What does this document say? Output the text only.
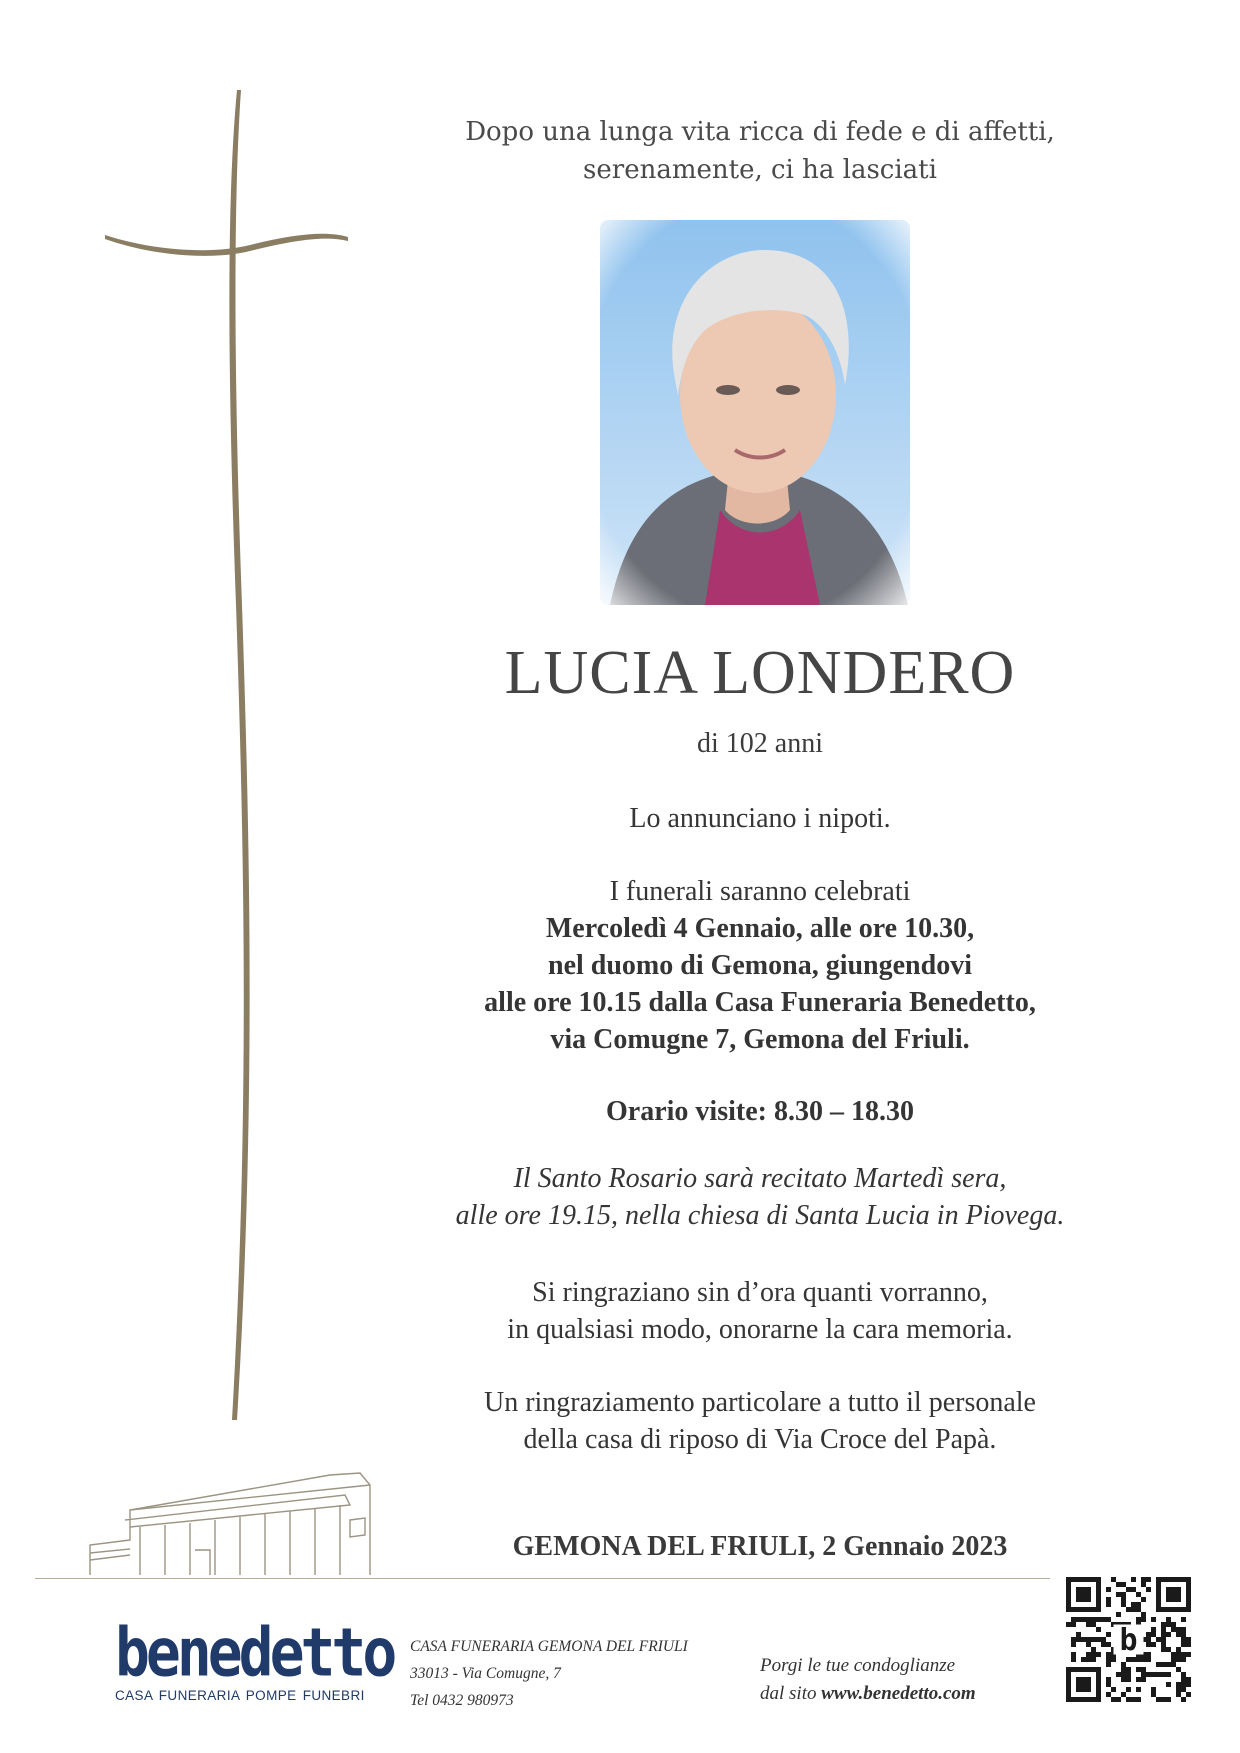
Dopo una lunga vita ricca di fede e di affetti,
serenamente, ci ha lasciati
LUCIA LONDERO
di 102 anni
Lo annunciano i nipoti.
I funerali saranno celebrati
Mercoledì 4 Gennaio, alle ore 10.30,
nel duomo di Gemona, giungendovi
alle ore 10.15 dalla Casa Funeraria Benedetto,
via Comugne 7, Gemona del Friuli.
Orario visite: 8.30 – 18.30
Il Santo Rosario sarà recitato Martedì sera,
alle ore 19.15, nella chiesa di Santa Lucia in Piovega.
Si ringraziano sin d’ora quanti vorranno,
in qualsiasi modo, onorarne la cara memoria.
Un ringraziamento particolare a tutto il personale
della casa di riposo di Via Croce del Papà.
GEMONA DEL FRIULI, 2 Gennaio 2023
benedetto
CASA FUNERARIA POMPE FUNEBRI
CASA FUNERARIA GEMONA DEL FRIULI
33013 - Via Comugne, 7
Tel 0432 980973
Porgi le tue condoglianze
dal sito www.benedetto.com
b
